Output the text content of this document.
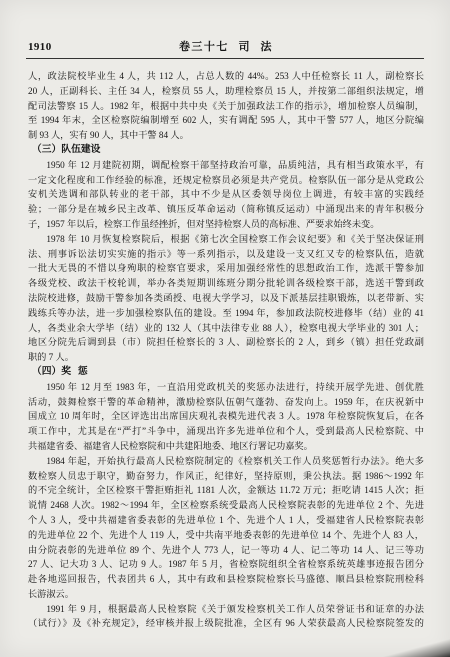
1910	卷三十七 司 法
人，政法院校毕业生 4 人，共 112 人，占总人数的 44%。253 人中任检察长 11 人，副检察长
20 人，正副科长、主任 34 人，检察员 55 人，助理检察员 15 人，并按第二部组织法规定，增
配司法警察 15 人。1982 年，根据中共中央《关于加强政法工作的指示》，增加检察人员编制，
至 1994 年末，全区检察院编制增至 602 人，实有调配 595 人，其中干警 577 人，地区分院编
制 93 人，实有 90 人，其中干警 84 人。
（三）队伍建设
1950 年 12 月建院初期，调配检察干部坚持政治可靠，品质纯洁，具有相当政策水平，有
一定文化程度和工作经验的标准，还规定检察员必须是共产党员。检察队伍一部分是从党政公
安机关选调和部队转业的老干部，其中不少是从区委领导岗位上调进，有较丰富的实践经
验；一部分是在城乡民主改革、镇压反革命运动（简称镇反运动）中涌现出来的青年积极分
子，1957 年以后，检察工作虽经挫折，但对坚持检察人员的高标准、严要求始终未变。
1978 年 10 月恢复检察院后，根据《第七次全国检察工作会议纪要》和《关于坚决保证刑
法、刑事诉讼法切实实施的指示》等一系列指示，以及建设一支又红又专的检察队伍，造就
一批大无畏的不惜以身殉职的检察官要求，采用加强经常性的思想政治工作，选派干警参加
各级党校、政法干校轮训，举办各类短期训练班分期分批轮训各级检察干部，选送干警到政
法院校进修，鼓励干警参加各类函授、电视大学学习，以及下派基层挂职锻炼，以老带新、实
践练兵等办法，进一步加强检察队伍的建设。至 1994 年，参加政法院校进修毕（结）业的 41
人，各类业余大学毕（结）业的 132 人（其中法律专业 88 人），检察电视大学毕业的 301 人；
地区分院先后调到县（市）院担任检察长的 3 人、副检察长的 2 人，到乡（镇）担任党政副
职的 7 人。
（四）奖 惩
1950 年 12 月至 1983 年，一直沿用党政机关的奖惩办法进行，持续开展学先进、创优胜
活动，鼓舞检察干警的革命精神，激励检察队伍朝气蓬勃、奋发向上。1959 年，在庆祝新中
国成立 10 周年时，全区评选出出席国庆观礼表模先进代表 3 人。1978 年检察院恢复后，在各
项工作中，尤其是在“严打”斗争中，涌现出许多先进单位和个人，受到最高人民检察院、中
共福建省委、福建省人民检察院和中共建阳地委、地区行署记功嘉奖。
1984 年起，开始执行最高人民检察院制定的《检察机关工作人员奖惩暂行办法》。绝大多
数检察人员忠于职守，勤奋努力，作风正，纪律好，坚持原则，秉公执法。据 1986～1992 年
的不完全统计，全区检察干警拒贿拒礼 1181 人次，金额达 11.72 万元；拒吃请 1415 人次；拒
说情 2468 人次。1982～1994 年，全区检察系统受最高人民检察院表彰的先进单位 2 个、先进
个人 3 人，受中共福建省委表彰的先进单位 1 个、先进个人 1 人，受福建省人民检察院表彰
的先进单位 22 个、先进个人 119 人，受中共南平地委表彰的先进单位 14 个、先进个人 83 人，
由分院表彰的先进单位 89 个、先进个人 773 人，记一等功 4 人、记二等功 14 人、记三等功
27 人、记大功 3 人、记功 9 人。1987 年 5 月，省检察院组织全省检察系统英雄事迹报告团分
赴各地巡回报告，代表团共 6 人，其中有政和县检察院检察长马盛德、顺昌县检察院刑检科
长游淑云。
1991 年 9 月，根据最高人民检察院《关于颁发检察机关工作人员荣誉证书和证章的办法
（试行）》及《补充规定》，经审核并报上级院批准，全区有 96 人荣获最高人民检察院签发的
